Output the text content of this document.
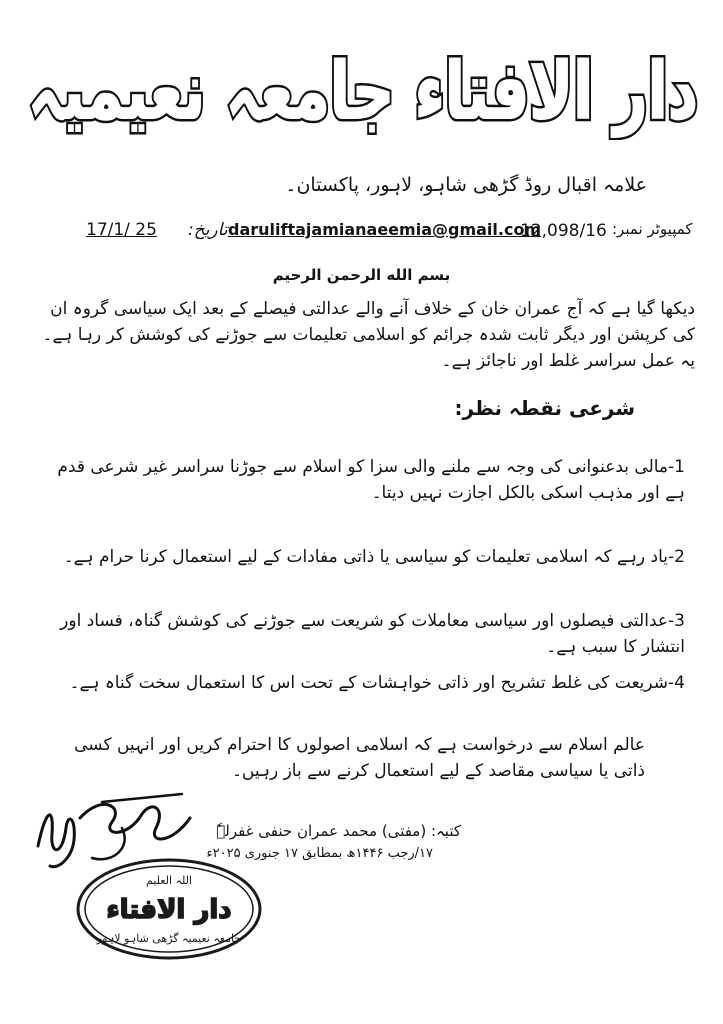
دار الافتاء جامعہ نعیمیہ
دار الافتاء جامعہ نعیمیہ
علامہ اقبال روڈ گڑھی شاہو، لاہور، پاکستان۔
کمپیوٹر نمبر:
12,098/16
daruliftajamianaeemia@gmail.com
تاریخ:
17/1/ 25
بسم الله الرحمن الرحيم
دیکھا گیا ہے کہ آج عمران خان کے خلاف آنے والے عدالتی فیصلے کے بعد ایک سیاسی گروہ ان کی کرپشن اور دیگر ثابت شدہ جرائم کو اسلامی تعلیمات سے جوڑنے کی کوشش کر رہا ہے۔ یہ عمل سراسر غلط اور ناجائز ہے۔
شرعی نقطہ نظر:
1-مالی بدعنوانی کی وجہ سے ملنے والی سزا کو اسلام سے جوڑنا سراسر غیر شرعی قدم ہے اور مذہب اسکی بالکل اجازت نہیں دیتا۔
2-یاد رہے کہ اسلامی تعلیمات کو سیاسی یا ذاتی مفادات کے لیے استعمال کرنا حرام ہے۔
3-عدالتی فیصلوں اور سیاسی معاملات کو شریعت سے جوڑنے کی کوشش گناہ، فساد اور انتشار کا سبب ہے۔
4-شریعت کی غلط تشریح اور ذاتی خواہشات کے تحت اس کا استعمال سخت گناہ ہے۔
عالم اسلام سے درخواست ہے کہ اسلامی اصولوں کا احترام کریں اور انہیں کسی ذاتی یا سیاسی مقاصد کے لیے استعمال کرنے سے باز رہیں۔
کتبہ: (مفتی) محمد عمران حنفی غفرلہٗ
۱۷/رجب ۱۴۴۶ھ بمطابق ۱۷ جنوری ۲۰۲۵ء
اللہ العلیم
دار الافتاء
جامعہ نعیمیہ گڑھی شاہو لاہور
